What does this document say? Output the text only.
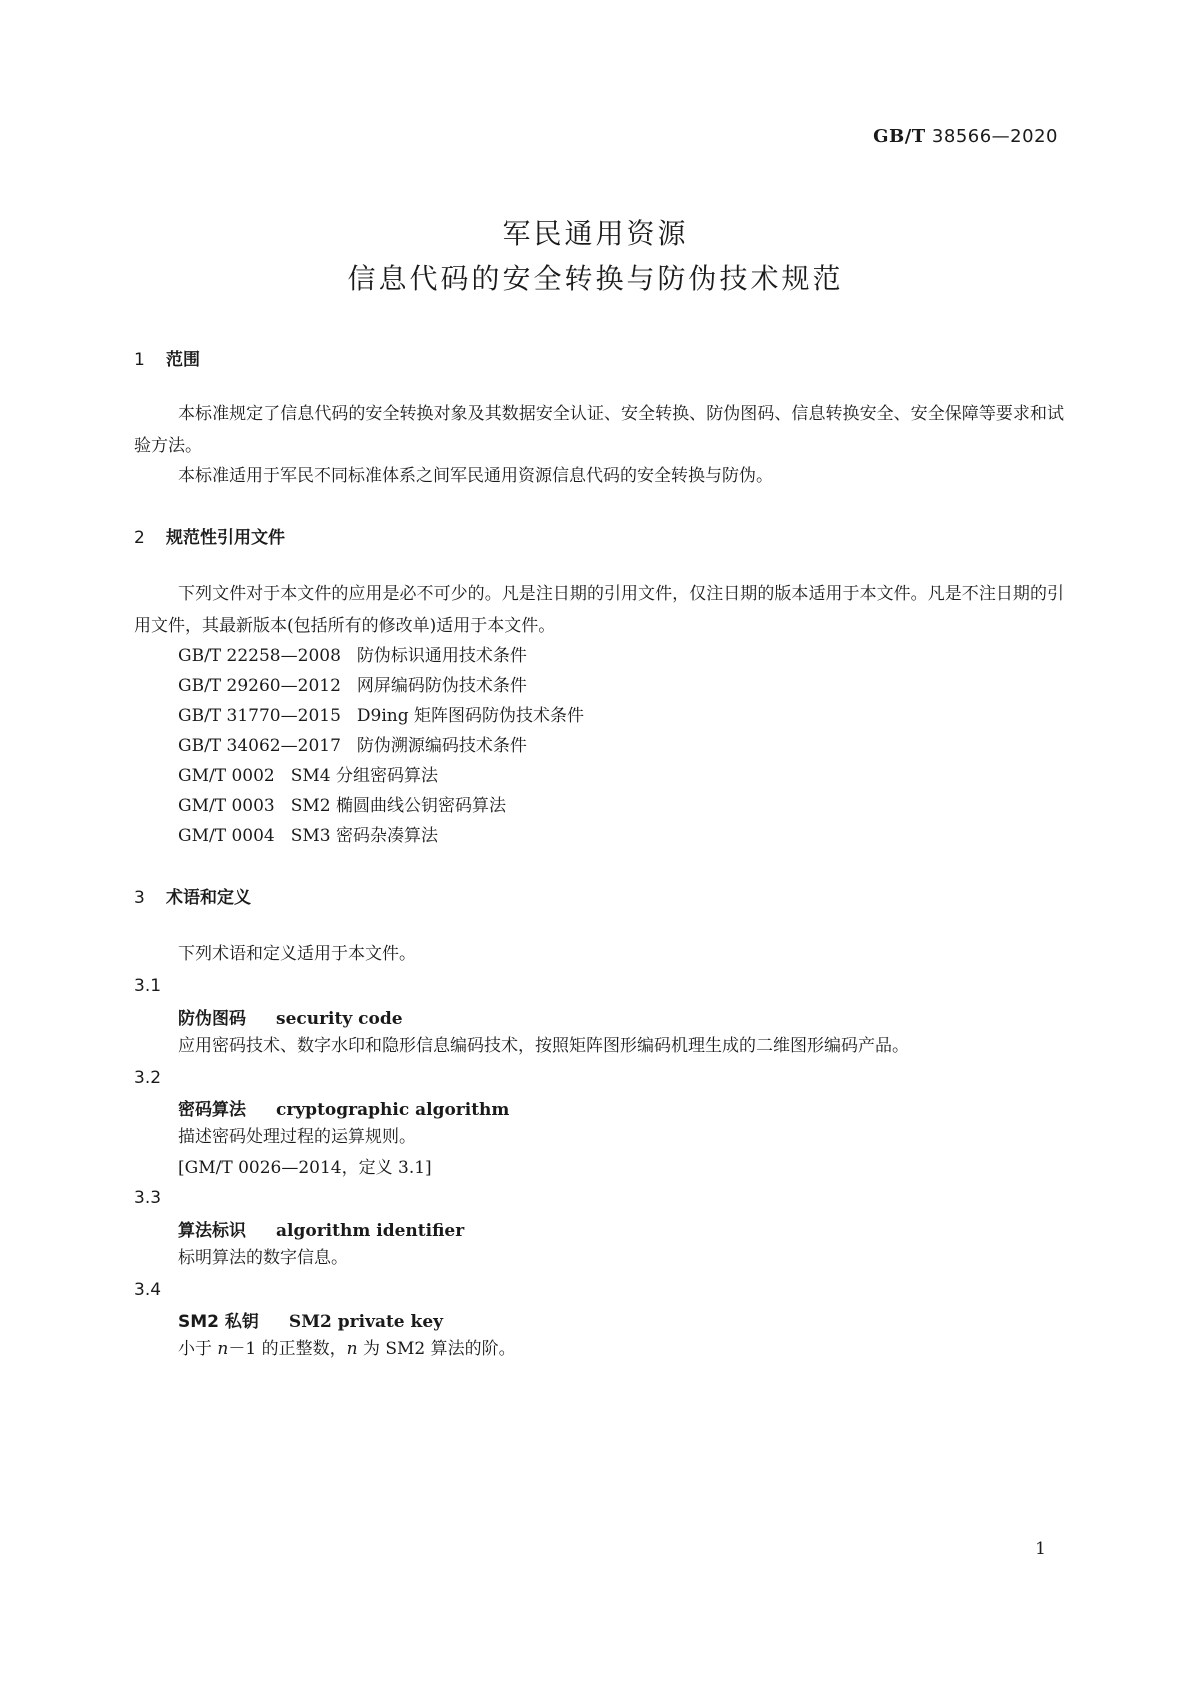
GB/T 38566—2020
军民通用资源
信息代码的安全转换与防伪技术规范
1 范围
本标准规定了信息代码的安全转换对象及其数据安全认证、安全转换、防伪图码、信息转换安全、安全保障等要求和试验方法。
本标准适用于军民不同标准体系之间军民通用资源信息代码的安全转换与防伪。
2 规范性引用文件
下列文件对于本文件的应用是必不可少的。凡是注日期的引用文件，仅注日期的版本适用于本文件。凡是不注日期的引用文件，其最新版本(包括所有的修改单)适用于本文件。
GB/T 22258—2008 防伪标识通用技术条件
GB/T 29260—2012 网屏编码防伪技术条件
GB/T 31770—2015 D9ing 矩阵图码防伪技术条件
GB/T 34062—2017 防伪溯源编码技术条件
GM/T 0002 SM4 分组密码算法
GM/T 0003 SM2 椭圆曲线公钥密码算法
GM/T 0004 SM3 密码杂凑算法
3 术语和定义
下列术语和定义适用于本文件。
3.1
防伪图码 security code
应用密码技术、数字水印和隐形信息编码技术，按照矩阵图形编码机理生成的二维图形编码产品。
3.2
密码算法 cryptographic algorithm
描述密码处理过程的运算规则。
[GM/T 0026—2014，定义 3.1]
3.3
算法标识 algorithm identifier
标明算法的数字信息。
3.4
SM2 私钥 SM2 private key
小于 n－1 的正整数，n 为 SM2 算法的阶。
1
